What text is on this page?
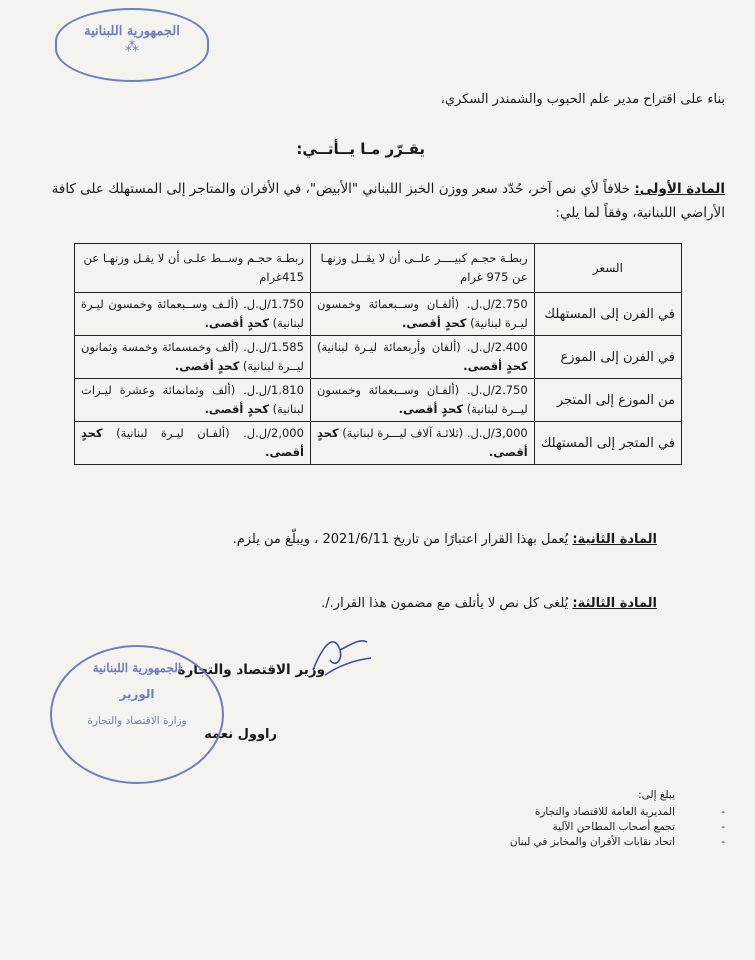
الجمهورية اللبنانية
⁂
بناء على اقتراح مدير علم الحبوب والشمندر السكري،
يقـرّر مـا يــأتــي:
المادة الأولى: خلافاً لأي نص آخر، حُدّد سعر ووزن الخبز اللبناني "الأبيض"، في الأفران والمتاجر إلى المستهلك على كافة الأراضي اللبنانية، وفقاً لما يلي:
السعر	ربطـة حجـم كبيــــر علــى أن لا يقــل وزنهـا عن 975 غرام	ربطـة حجـم وســط علـى أن لا يقـل وزنهـا عن 415غرام
في الفرن إلى المستهلك	2.750/ل.ل. (ألفـان وســبعمائة وخمسون ليـرة لبنانية) كحدٍ أقصى.	1.750/ل.ل. (ألـف وســبعمائة وخمسون ليـرة لبنانية) كحدٍ أقصى.
في الفرن إلى الموزع	2.400/ل.ل. (ألفان وأربعمائة ليـرة لبنانية) كحدٍ أقصى.	1.585/ل.ل. (ألف وخمسمائة وخمسة وثمانون ليــرة لبنانية) كحدٍ أقصى.
من الموزع إلى المتجر	2.750/ل.ل. (ألفـان وســبعمائة وخمسون ليــرة لبنانية) كحدٍ أقصى.	1.810/ل.ل. (ألف وثمانمائة وعشرة ليـرات لبنانية) كحدٍ أقصى.
في المتجر إلى المستهلك	3,000/ل.ل. (ثلاثـة آلاف ليـــرة لبنانية) كحدٍ أقصى.	2,000/ل.ل. (ألفـان ليـرة لبنانية) كحدٍ أقصى.
المادة الثانية: يُعمل بهذا القرار اعتبارًا من تاريخ 2021/6/11 ، ويبلّغ من يلزم.
المادة الثالثة: يُلغى كل نص لا يأتلف مع مضمون هذا القرار./.
وزير الاقتصاد والتجارة
راوول نعمه
الجمهورية اللبنانية
الوزير
وزارة الاقتصاد والتجارة
يبلغ إلى:
-
المديرية العامة للاقتصاد والتجارة
-
تجمع أصحاب المطاحن الآلية
-
اتحاد نقابات الأفران والمخابز في لبنان
